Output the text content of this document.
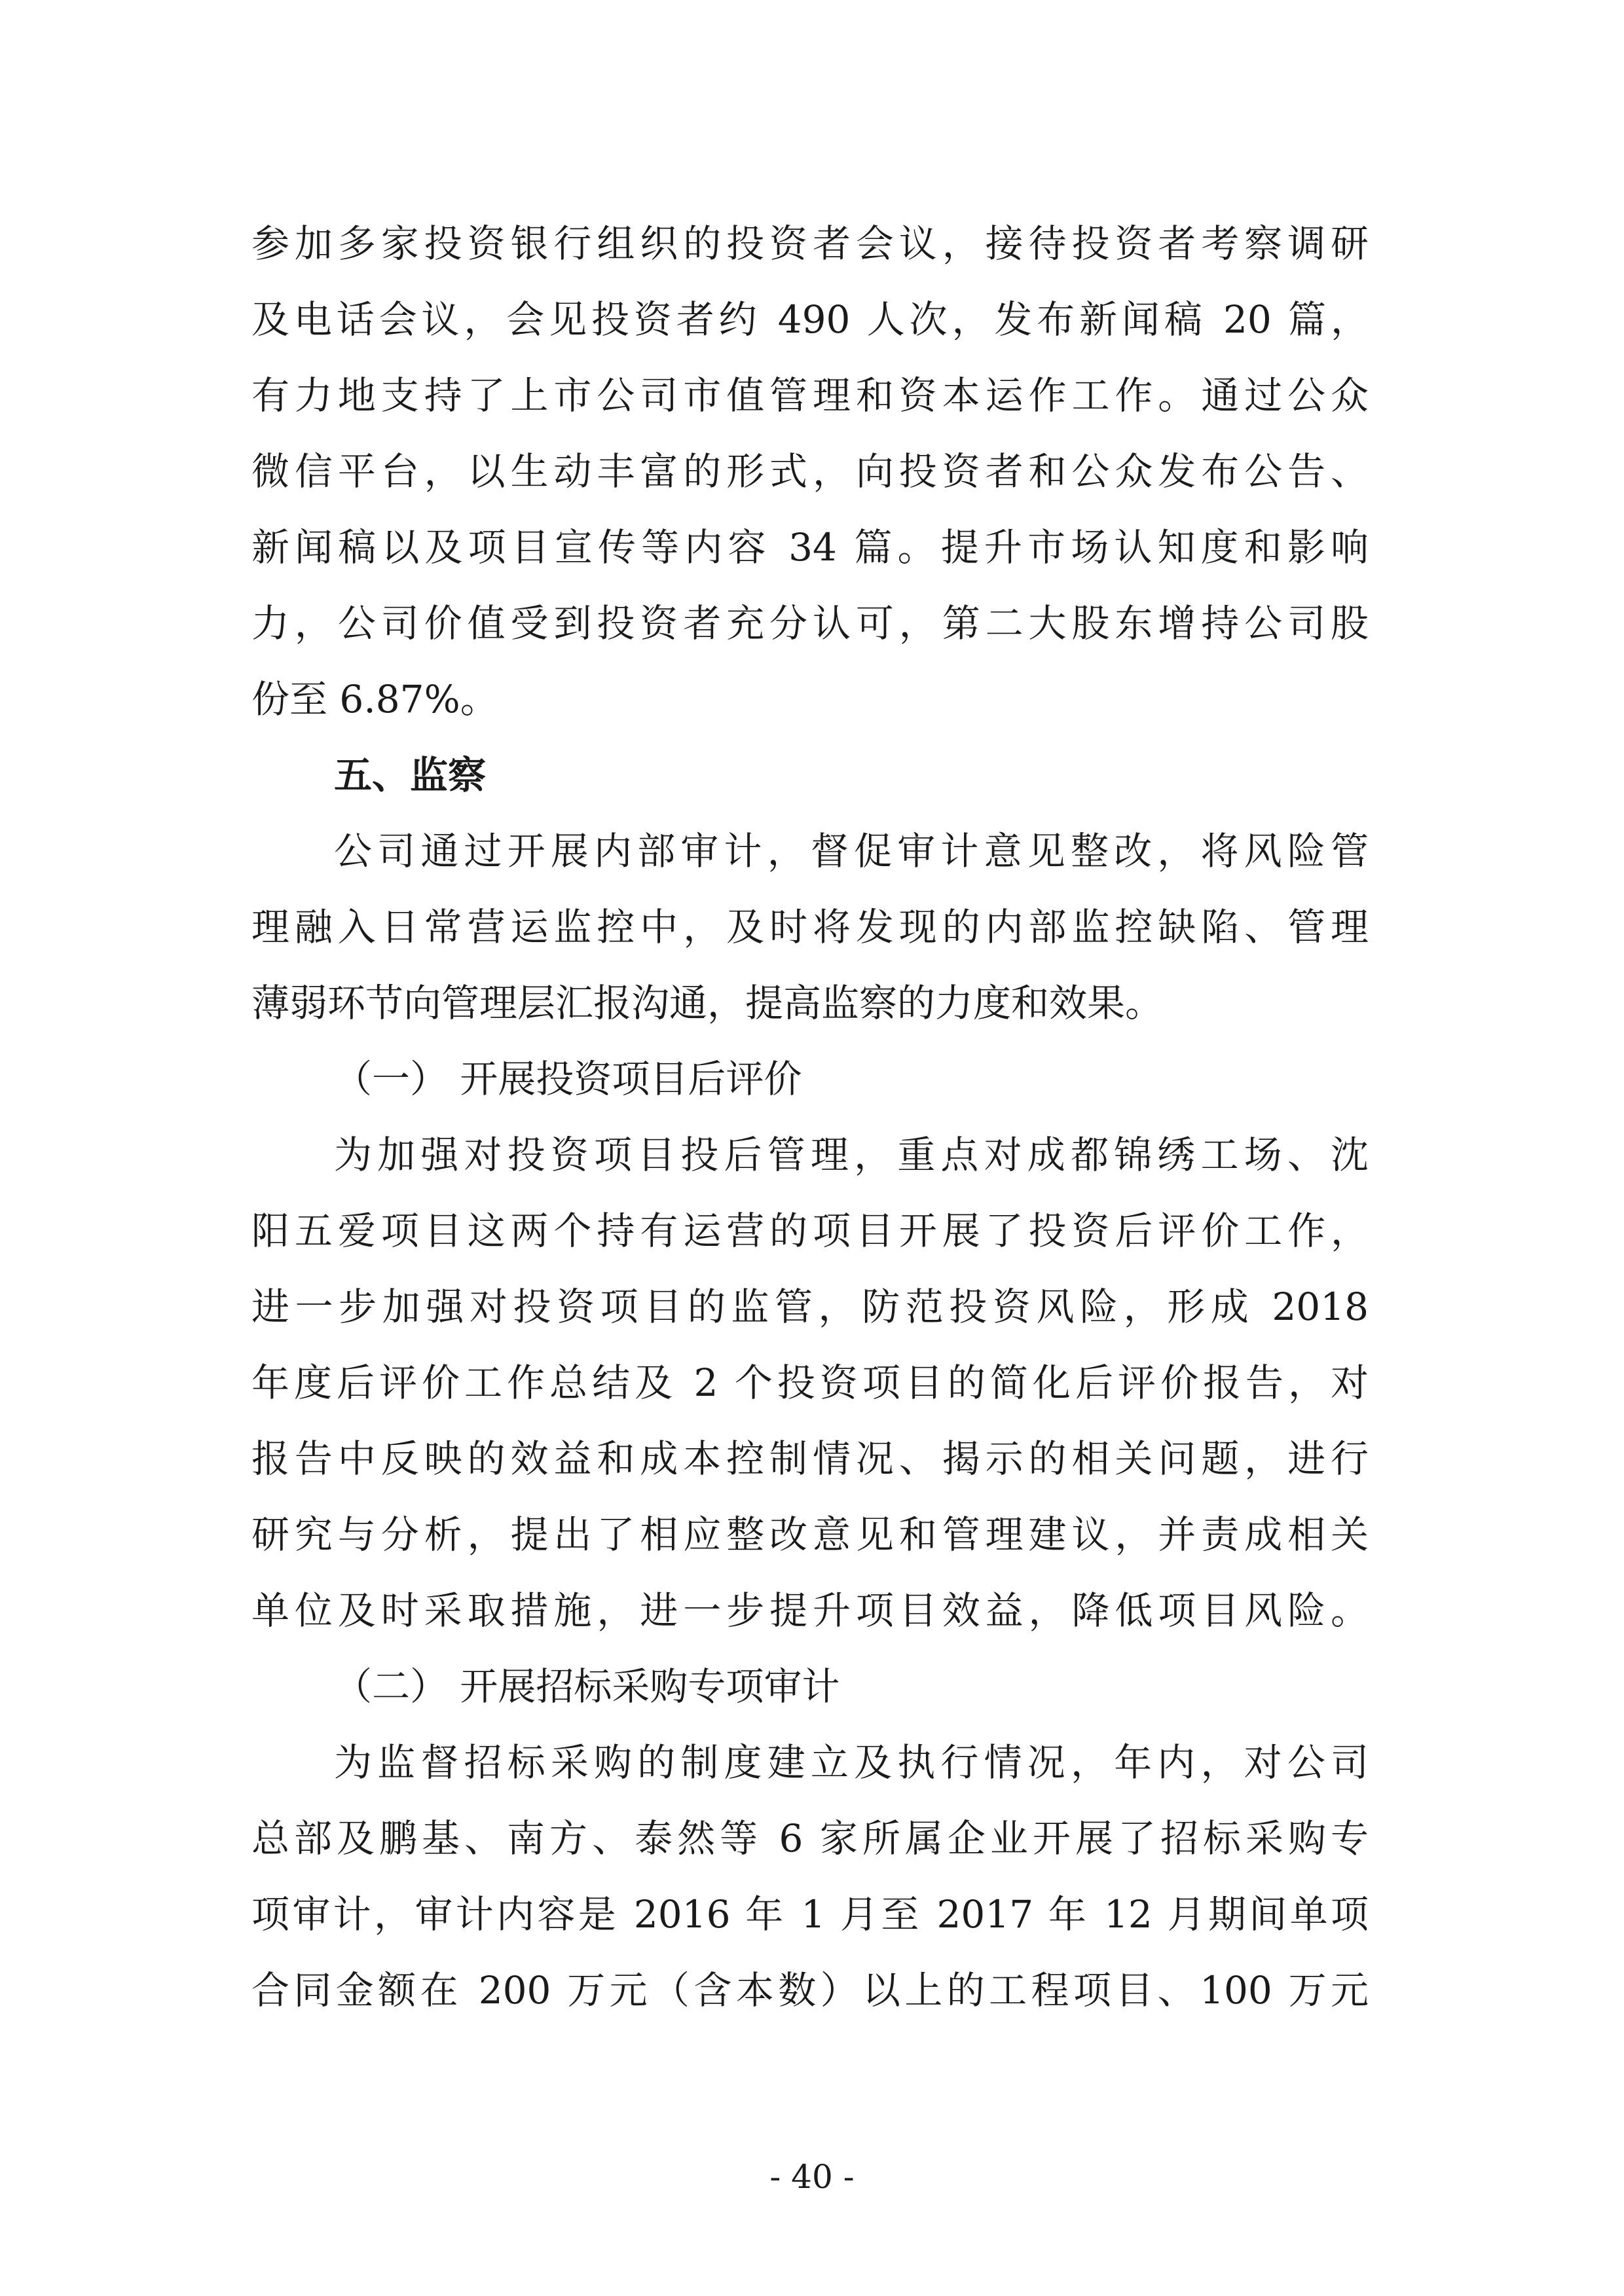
参加多家投资银行组织的投资者会议，接待投资者考察调研
及电话会议，会见投资者约 490 人次，发布新闻稿 20 篇，
有力地支持了上市公司市值管理和资本运作工作。通过公众
微信平台，以生动丰富的形式，向投资者和公众发布公告、
新闻稿以及项目宣传等内容 34 篇。提升市场认知度和影响
力，公司价值受到投资者充分认可，第二大股东增持公司股
份至 6.87%。
五、监察
公司通过开展内部审计，督促审计意见整改，将风险管
理融入日常营运监控中，及时将发现的内部监控缺陷、管理
薄弱环节向管理层汇报沟通，提高监察的力度和效果。
（一） 开展投资项目后评价
为加强对投资项目投后管理，重点对成都锦绣工场、沈
阳五爱项目这两个持有运营的项目开展了投资后评价工作，
进一步加强对投资项目的监管，防范投资风险，形成 2018
年度后评价工作总结及 2 个投资项目的简化后评价报告，对
报告中反映的效益和成本控制情况、揭示的相关问题，进行
研究与分析，提出了相应整改意见和管理建议，并责成相关
单位及时采取措施，进一步提升项目效益，降低项目风险。
（二） 开展招标采购专项审计
为监督招标采购的制度建立及执行情况，年内，对公司
总部及鹏基、南方、泰然等 6 家所属企业开展了招标采购专
项审计，审计内容是 2016 年 1 月至 2017 年 12 月期间单项
合同金额在 200 万元（含本数）以上的工程项目、100 万元
- 40 -
